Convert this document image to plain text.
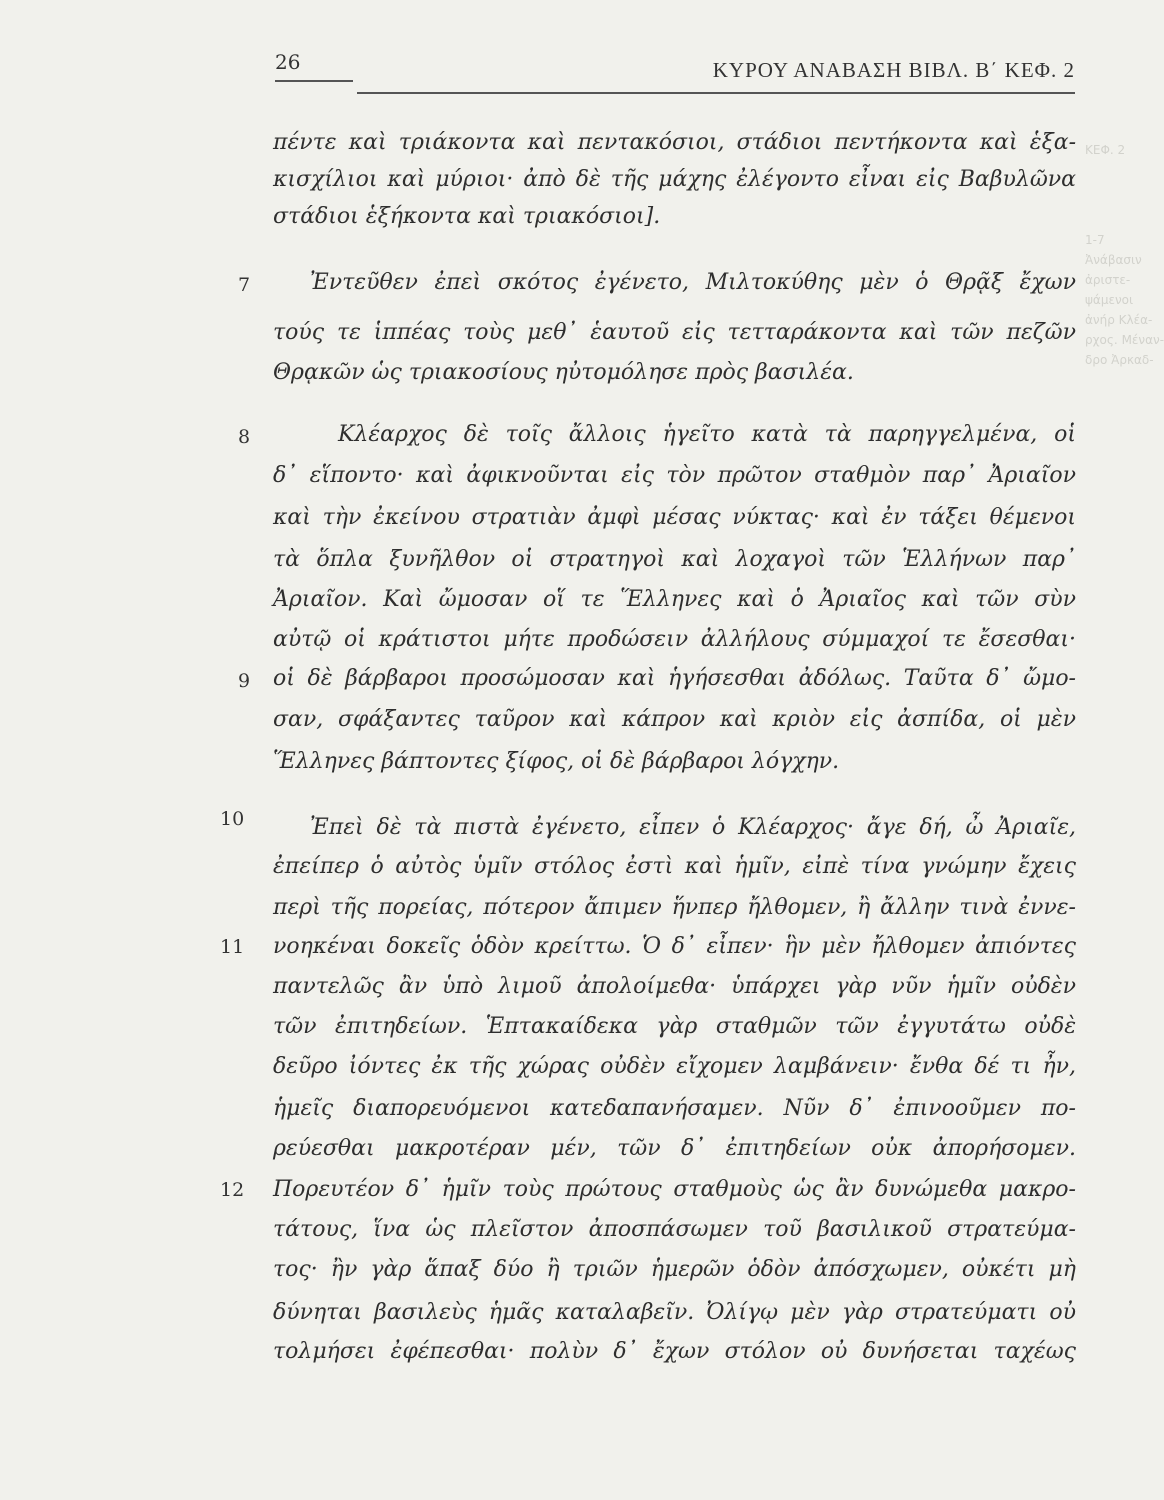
26	ΚΥΡΟΥ ΑΝΑΒΑΣΗ ΒΙΒΛ. Β΄ ΚΕΦ. 2
ΚΕΦ. 2
1-7
Ἀνάβασιν
ἀριστε-
ψάμενοι
ἀνήρ Κλέα-
ρχος. Μέναν-
δρο Ἀρκαδ-
πέντε καὶ τριάκοντα καὶ πεντακόσιοι, στάδιοι πεντήκοντα καὶ ἑξα-
κισχίλιοι καὶ μύριοι· ἀπὸ δὲ τῆς μάχης ἐλέγοντο εἶναι εἰς Βαβυλῶνα
στάδιοι ἑξήκοντα καὶ τριακόσιοι].
7	Ἐντεῦθεν ἐπεὶ σκότος ἐγένετο, Μιλτοκύθης μὲν ὁ Θρᾷξ ἔχων
τούς τε ἱππέας τοὺς μεθ᾽ ἑαυτοῦ εἰς τετταράκοντα καὶ τῶν πεζῶν
Θρᾳκῶν ὡς τριακοσίους ηὐτομόλησε πρὸς βασιλέα.
8	Κλέαρχος δὲ τοῖς ἄλλοις ἡγεῖτο κατὰ τὰ παρηγγελμένα, οἱ
δ᾽ εἵποντο· καὶ ἀφικνοῦνται εἰς τὸν πρῶτον σταθμὸν παρ᾽ Ἀριαῖον
καὶ τὴν ἐκείνου στρατιὰν ἀμφὶ μέσας νύκτας· καὶ ἐν τάξει θέμενοι
τὰ ὅπλα ξυνῆλθον οἱ στρατηγοὶ καὶ λοχαγοὶ τῶν Ἑλλήνων παρ᾽
Ἀριαῖον. Καὶ ὤμοσαν οἵ τε Ἕλληνες καὶ ὁ Ἀριαῖος καὶ τῶν σὺν
αὐτῷ οἱ κράτιστοι μήτε προδώσειν ἀλλήλους σύμμαχοί τε ἔσεσθαι·
9	οἱ δὲ βάρβαροι προσώμοσαν καὶ ἡγήσεσθαι ἀδόλως. Ταῦτα δ᾽ ὤμο-
σαν, σφάξαντες ταῦρον καὶ κάπρον καὶ κριὸν εἰς ἀσπίδα, οἱ μὲν
Ἕλληνες βάπτοντες ξίφος, οἱ δὲ βάρβαροι λόγχην.
10	Ἐπεὶ δὲ τὰ πιστὰ ἐγένετο, εἶπεν ὁ Κλέαρχος· ἄγε δή, ὦ Ἀριαῖε,
ἐπείπερ ὁ αὐτὸς ὑμῖν στόλος ἐστὶ καὶ ἡμῖν, εἰπὲ τίνα γνώμην ἔχεις
περὶ τῆς πορείας, πότερον ἄπιμεν ἥνπερ ἤλθομεν, ἢ ἄλλην τινὰ ἐννε-
11	νοηκέναι δοκεῖς ὁδὸν κρείττω. Ὁ δ᾽ εἶπεν· ἣν μὲν ἤλθομεν ἀπιόντες
παντελῶς ἂν ὑπὸ λιμοῦ ἀπολοίμεθα· ὑπάρχει γὰρ νῦν ἡμῖν οὐδὲν
τῶν ἐπιτηδείων. Ἑπτακαίδεκα γὰρ σταθμῶν τῶν ἐγγυτάτω οὐδὲ
δεῦρο ἰόντες ἐκ τῆς χώρας οὐδὲν εἴχομεν λαμβάνειν· ἔνθα δέ τι ἦν,
ἡμεῖς διαπορευόμενοι κατεδαπανήσαμεν. Νῦν δ᾽ ἐπινοοῦμεν πο-
ρεύεσθαι μακροτέραν μέν, τῶν δ᾽ ἐπιτηδείων οὐκ ἀπορήσομεν.
12	Πορευτέον δ᾽ ἡμῖν τοὺς πρώτους σταθμοὺς ὡς ἂν δυνώμεθα μακρο-
τάτους, ἵνα ὡς πλεῖστον ἀποσπάσωμεν τοῦ βασιλικοῦ στρατεύμα-
τος· ἢν γὰρ ἅπαξ δύο ἢ τριῶν ἡμερῶν ὁδὸν ἀπόσχωμεν, οὐκέτι μὴ
δύνηται βασιλεὺς ἡμᾶς καταλαβεῖν. Ὀλίγῳ μὲν γὰρ στρατεύματι οὐ
τολμήσει ἐφέπεσθαι· πολὺν δ᾽ ἔχων στόλον οὐ δυνήσεται ταχέως
